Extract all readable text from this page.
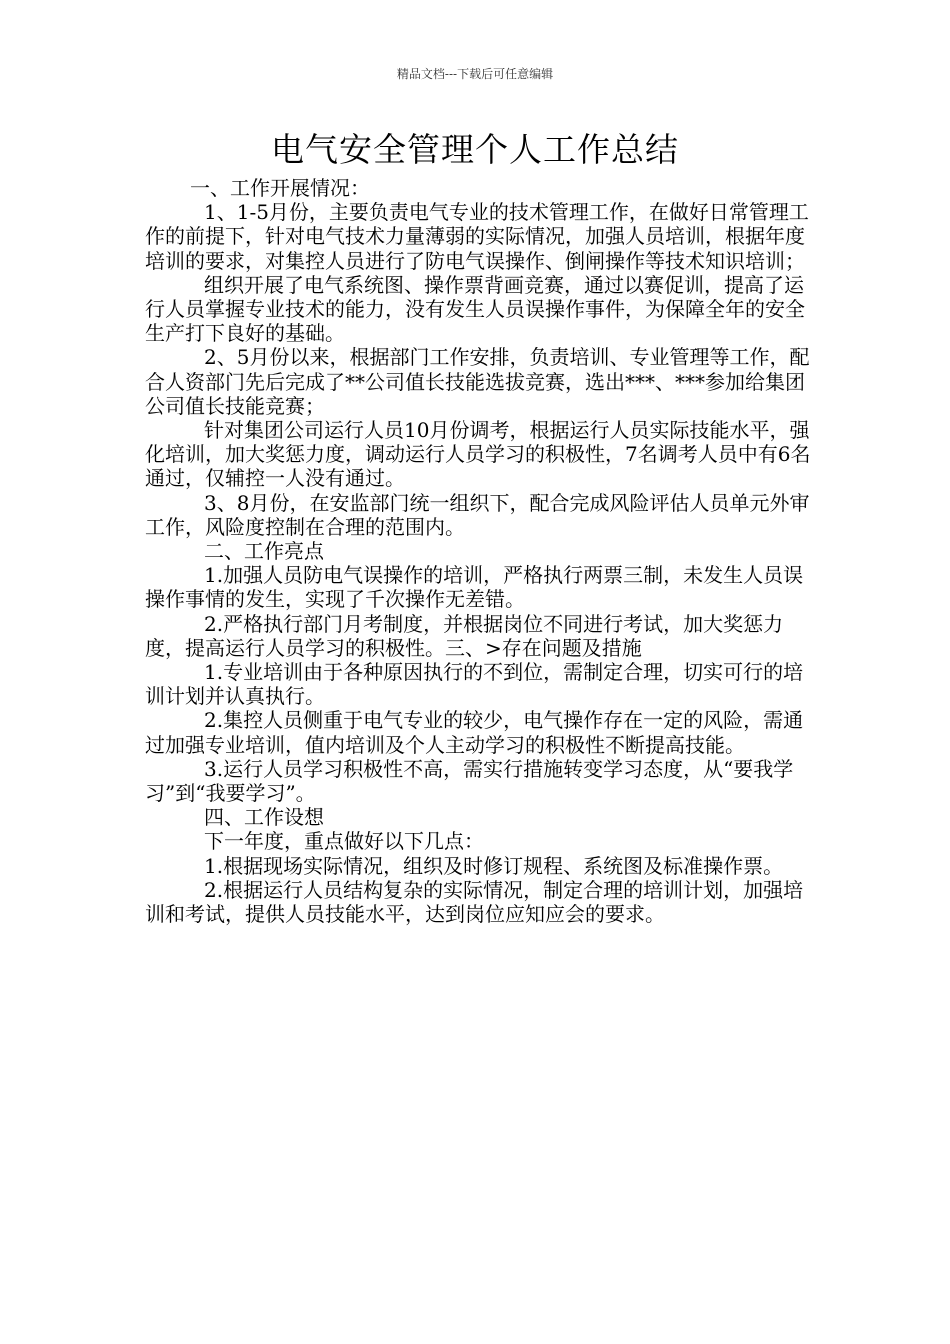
精品文档---下载后可任意编辑
电气安全管理个人工作总结

一、工作开展情况：

1、1-5月份，主要负责电气专业的技术管理工作，在做好日常管理工作的前提下，针对电气技术力量薄弱的实际情况，加强人员培训，根据年度培训的要求，对集控人员进行了防电气误操作、倒闸操作等技术知识培训；

组织开展了电气系统图、操作票背画竞赛，通过以赛促训，提高了运行人员掌握专业技术的能力，没有发生人员误操作事件，为保障全年的安全生产打下良好的基础。

2、5月份以来，根据部门工作安排，负责培训、专业管理等工作，配合人资部门先后完成了**公司值长技能选拔竞赛，选出***、***参加给集团公司值长技能竞赛；

针对集团公司运行人员10月份调考，根据运行人员实际技能水平，强化培训，加大奖惩力度，调动运行人员学习的积极性，7名调考人员中有6名通过，仅辅控一人没有通过。

3、8月份，在安监部门统一组织下，配合完成风险评估人员单元外审工作，风险度控制在合理的范围内。

二、工作亮点

1.加强人员防电气误操作的培训，严格执行两票三制，未发生人员误操作事情的发生，实现了千次操作无差错。

2.严格执行部门月考制度，并根据岗位不同进行考试，加大奖惩力度，提高运行人员学习的积极性。三、>存在问题及措施

1.专业培训由于各种原因执行的不到位，需制定合理，切实可行的培训计划并认真执行。

2.集控人员侧重于电气专业的较少，电气操作存在一定的风险，需通过加强专业培训，值内培训及个人主动学习的积极性不断提高技能。

3.运行人员学习积极性不高，需实行措施转变学习态度，从“要我学习”到“我要学习”。

四、工作设想

下一年度，重点做好以下几点：

1.根据现场实际情况，组织及时修订规程、系统图及标准操作票。

2.根据运行人员结构复杂的实际情况，制定合理的培训计划，加强培训和考试，提供人员技能水平，达到岗位应知应会的要求。
